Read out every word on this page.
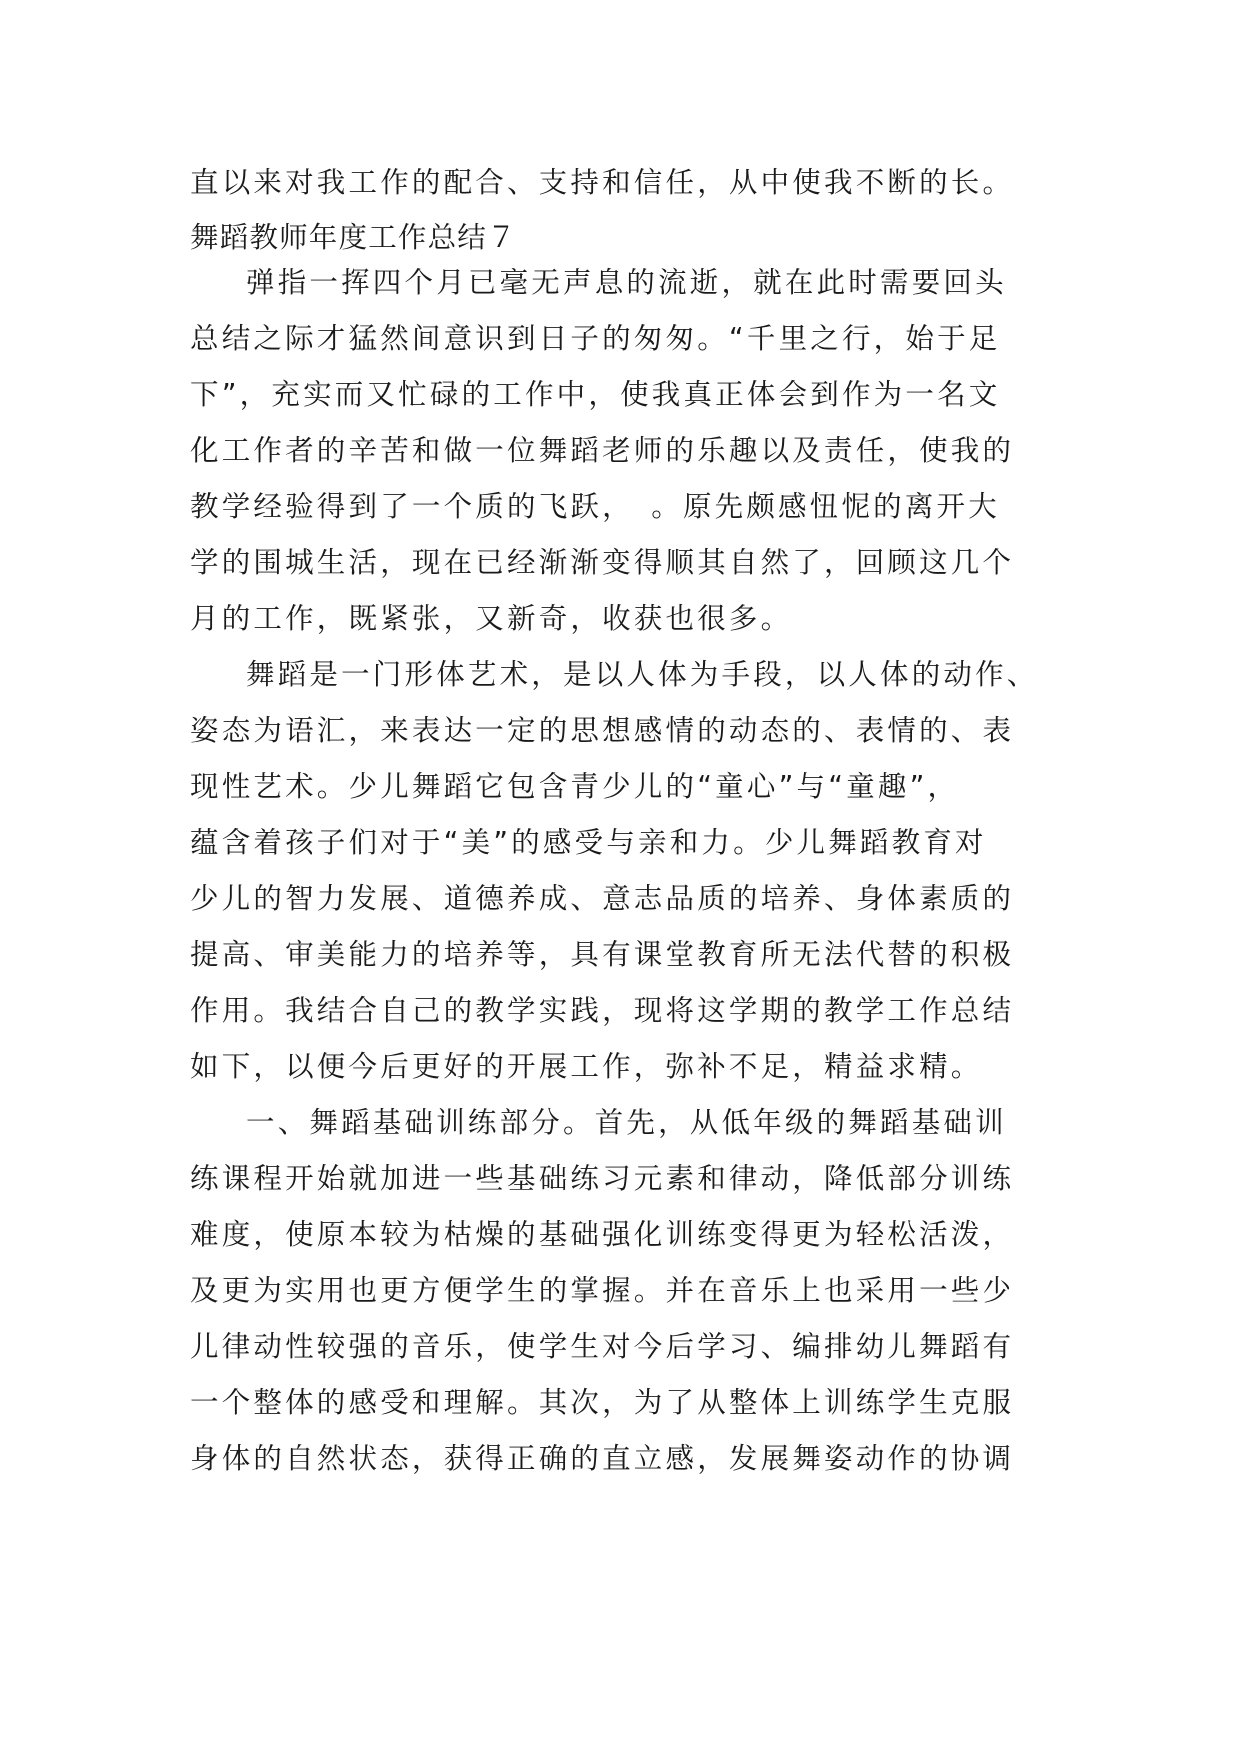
直以来对我工作的配合、支持和信任，从中使我不断的长。
舞蹈教师年度工作总结７
弹指一挥四个月已毫无声息的流逝，就在此时需要回头
总结之际才猛然间意识到日子的匆匆。“千里之行，始于足
下”，充实而又忙碌的工作中，使我真正体会到作为一名文
化工作者的辛苦和做一位舞蹈老师的乐趣以及责任，使我的
教学经验得到了一个质的飞跃，　。原先颇感忸怩的离开大
学的围城生活，现在已经渐渐变得顺其自然了，回顾这几个
月的工作，既紧张，又新奇，收获也很多。
舞蹈是一门形体艺术，是以人体为手段，以人体的动作、
姿态为语汇，来表达一定的思想感情的动态的、表情的、表
现性艺术。少儿舞蹈它包含青少儿的“童心”与“童趣”，
蕴含着孩子们对于“美”的感受与亲和力。少儿舞蹈教育对
少儿的智力发展、道德养成、意志品质的培养、身体素质的
提高、审美能力的培养等，具有课堂教育所无法代替的积极
作用。我结合自己的教学实践，现将这学期的教学工作总结
如下，以便今后更好的开展工作，弥补不足，精益求精。
一、舞蹈基础训练部分。首先，从低年级的舞蹈基础训
练课程开始就加进一些基础练习元素和律动，降低部分训练
难度，使原本较为枯燥的基础强化训练变得更为轻松活泼，
及更为实用也更方便学生的掌握。并在音乐上也采用一些少
儿律动性较强的音乐，使学生对今后学习、编排幼儿舞蹈有
一个整体的感受和理解。其次，为了从整体上训练学生克服
身体的自然状态，获得正确的直立感，发展舞姿动作的协调
